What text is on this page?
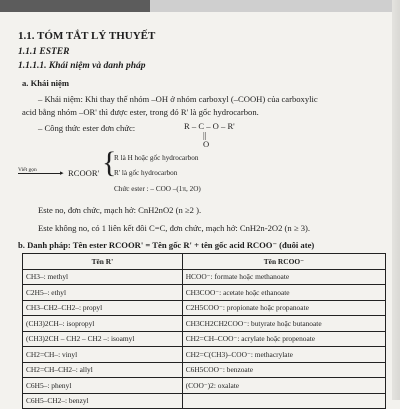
1.1. TÓM TẮT LÝ THUYẾT
1.1.1 ESTER
1.1.1.1. Khái niệm và danh pháp
a. Khái niệm
– Khái niệm: Khi thay thế nhóm –OH ở nhóm carboxyl (–COOH) của carboxylic
acid bằng nhóm –OR' thì được ester, trong đó R' là gốc hydrocarbon.
– Công thức ester đơn chức:	R – C – O – R'
||
O
Viết gọn	▸ RCOOR' {
R là H hoặc gốc hydrocarbon
R' là gốc hydrocarbon
Chức ester : – COO –(1π, 2O)
Este no, đơn chức, mạch hở: CnH2nO2 (n ≥2 ).
Este không no, có 1 liên kết đôi C=C, đơn chức, mạch hở: CnH2n-2O2 (n ≥ 3).
b. Danh pháp: Tên ester RCOOR' = Tên gốc R' + tên gốc acid RCOO⁻ (đuôi ate)
Tên R'	Tên RCOO⁻
CH3–: methyl	HCOO⁻: formate hoặc methanoate
C2H5–: ethyl	CH3COO⁻: acetate hoặc ethanoate
CH3–CH2–CH2–: propyl	C2H5COO⁻: propionate hoặc propanoate
(CH3)2CH–: isopropyl	CH3CH2CH2COO⁻: butyrate hoặc butanoate
(CH3)2CH – CH2 – CH2 –: isoamyl	CH2=CH–COO⁻: acrylate hoặc propenoate
CH2=CH–: vinyl	CH2=C(CH3)–COO⁻: methacrylate
CH2=CH–CH2–: allyl	C6H5COO⁻: benzoate
C6H5–: phenyl	(COO⁻)2: oxalate
C6H5–CH2–: benzyl	
